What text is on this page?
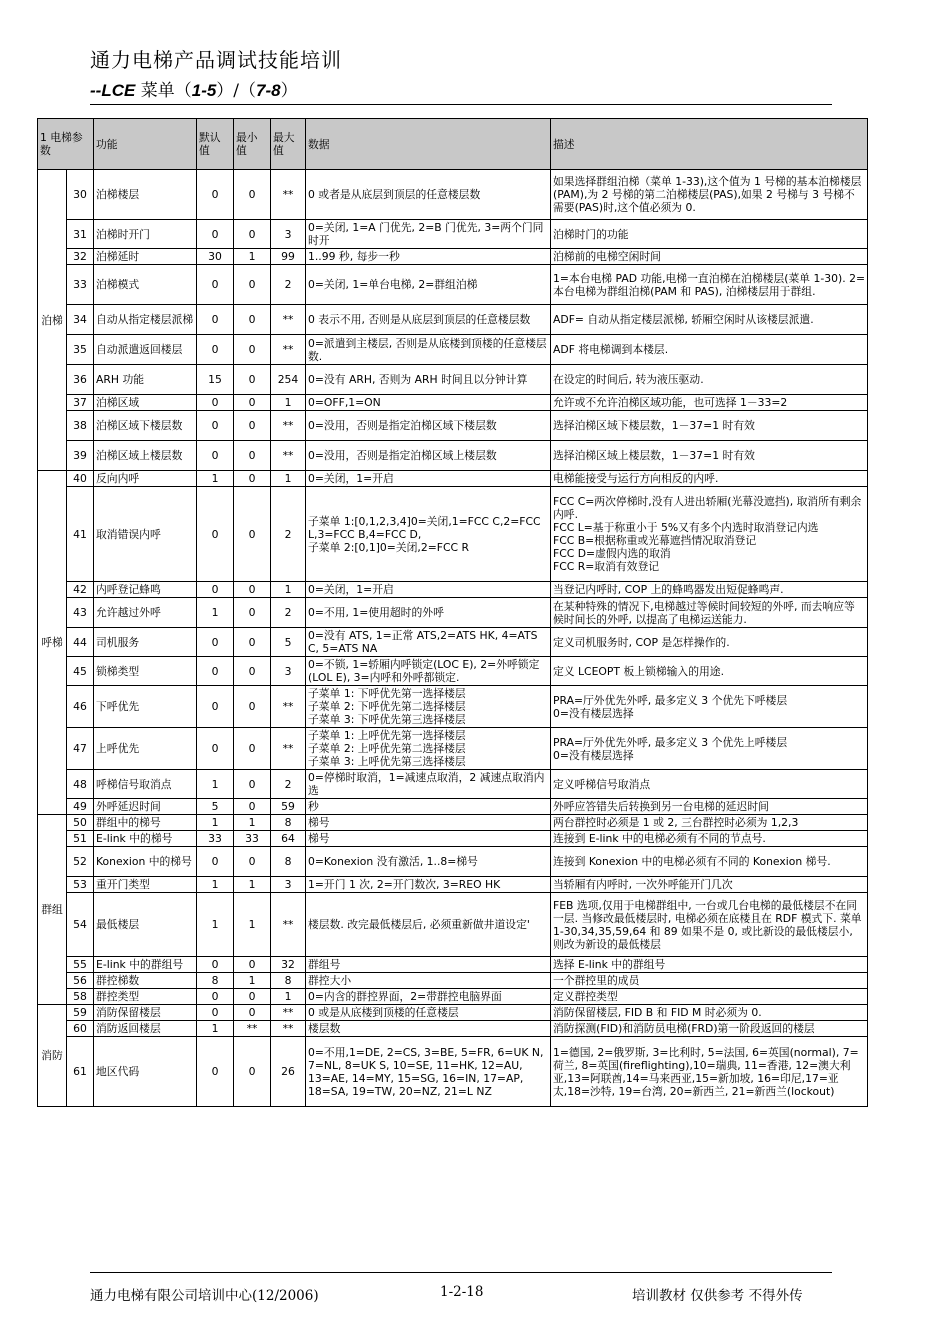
通力电梯产品调试技能培训
--LCE 菜单（1-5）/（7-8）
1 电梯参数		功能	默认值	最小值	最大值	数据	描述
泊梯	30	泊梯楼层	0	0	**	0 或者是从底层到顶层的任意楼层数	如果选择群组泊梯（菜单 1-33),这个值为 1 号梯的基本泊梯楼层(PAM),为 2 号梯的第二泊梯楼层(PAS),如果 2 号梯与 3 号梯不需要(PAS)时,这个值必须为 0.
	31	泊梯时开门	0	0	3	0=关闭, 1=A 门优先, 2=B 门优先, 3=两个门同时开	泊梯时门的功能
	32	泊梯延时	30	1	99	1..99 秒, 每步一秒	泊梯前的电梯空闲时间
	33	泊梯模式	0	0	2	0=关闭, 1=单台电梯, 2=群组泊梯	1=本台电梯 PAD 功能,电梯一直泊梯在泊梯楼层(菜单 1-30). 2=本台电梯为群组泊梯(PAM 和 PAS), 泊梯楼层用于群组.
	34	自动从指定楼层派梯	0	0	**	0 表示不用, 否则是从底层到顶层的任意楼层数	ADF= 自动从指定楼层派梯, 轿厢空闲时从该楼层派遣.
	35	自动派遣返回楼层	0	0	**	0=派遣到主楼层, 否则是从底楼到顶楼的任意楼层数.	ADF 将电梯调到本楼层.
	36	ARH 功能	15	0	254	0=没有 ARH, 否则为 ARH 时间且以分钟计算	在设定的时间后, 转为液压驱动.
	37	泊梯区域	0	0	1	0=OFF,1=ON	允许或不允许泊梯区域功能，也可选择 1－33=2
	38	泊梯区域下楼层数	0	0	**	0=没用，否则是指定泊梯区域下楼层数	选择泊梯区域下楼层数，1－37=1 时有效
	39	泊梯区域上楼层数	0	0	**	0=没用，否则是指定泊梯区域上楼层数	选择泊梯区域上楼层数，1－37=1 时有效
呼梯	40	反向内呼	1	0	1	0=关闭，1=开启	电梯能接受与运行方向相反的内呼.
	41	取消错误内呼	0	0	2	子菜单 1:[0,1,2,3,4]0=关闭,1=FCC C,2=FCC L,3=FCC B,4=FCC D,
子菜单 2:[0,1]0=关闭,2=FCC R	FCC C=两次停梯时,没有人进出轿厢(光幕没遮挡), 取消所有剩余内呼.
FCC L=基于称重小于 5%又有多个内选时取消登记内选
FCC B=根据称重或光幕遮挡情况取消登记
FCC D=虚假内选的取消
FCC R=取消有效登记
	42	内呼登记蜂鸣	0	0	1	0=关闭，1=开启	当登记内呼时, COP 上的蜂鸣器发出短促蜂鸣声.
	43	允许越过外呼	1	0	2	0=不用, 1=使用超时的外呼	在某种特殊的情况下,电梯越过等候时间较短的外呼, 而去响应等候时间长的外呼, 以提高了电梯运送能力.
	44	司机服务	0	0	5	0=没有 ATS, 1=正常 ATS,2=ATS HK, 4=ATS C, 5=ATS NA	定义司机服务时, COP 是怎样操作的.
	45	锁梯类型	0	0	3	0=不锁, 1=轿厢内呼锁定(LOC E), 2=外呼锁定(LOL E), 3=内呼和外呼都锁定.	定义 LCEOPT 板上锁梯输入的用途.
	46	下呼优先	0	0	**	子菜单 1: 下呼优先第一选择楼层
子菜单 2: 下呼优先第二选择楼层
子菜单 3: 下呼优先第三选择楼层	PRA=厅外优先外呼, 最多定义 3 个优先下呼楼层
0=没有楼层选择
	47	上呼优先	0	0	**	子菜单 1: 上呼优先第一选择楼层
子菜单 2: 上呼优先第二选择楼层
子菜单 3: 上呼优先第三选择楼层	PRA=厅外优先外呼, 最多定义 3 个优先上呼楼层
0=没有楼层选择
	48	呼梯信号取消点	1	0	2	0=停梯时取消，1=减速点取消，2 减速点取消内选	定义呼梯信号取消点
	49	外呼延迟时间	5	0	59	秒	外呼应答错失后转换到另一台电梯的延迟时间
群组	50	群组中的梯号	1	1	8	梯号	两台群控时必须是 1 或 2, 三台群控时必须为 1,2,3
	51	E-link 中的梯号	33	33	64	梯号	连接到 E-link 中的电梯必须有不同的节点号.
	52	Konexion 中的梯号	0	0	8	0=Konexion 没有激活, 1..8=梯号	连接到 Konexion 中的电梯必须有不同的 Konexion 梯号.
	53	重开门类型	1	1	3	1=开门 1 次, 2=开门数次, 3=REO HK	当轿厢有内呼时, 一次外呼能开门几次
	54	最低楼层	1	1	**	楼层数. 改完最低楼层后, 必须重新做井道设定'	FEB 选项,仅用于电梯群组中, 一台或几台电梯的最低楼层不在同一层. 当修改最低楼层时, 电梯必须在底楼且在 RDF 模式下. 菜单 1-30,34,35,59,64 和 89 如果不是 0, 或比新设的最低楼层小, 则改为新设的最低楼层
	55	E-link 中的群组号	0	0	32	群组号	选择 E-link 中的群组号
	56	群控梯数	8	1	8	群控大小	一个群控里的成员
	58	群控类型	0	0	1	0=内含的群控界面，2=带群控电脑界面	定义群控类型
消防	59	消防保留楼层	0	0	**	0 或是从底楼到顶楼的任意楼层	消防保留楼层, FID B 和 FID M 时必须为 0.
	60	消防返回楼层	1	**	**	楼层数	消防探测(FID)和消防员电梯(FRD)第一阶段返回的楼层
	61	地区代码	0	0	26	0=不用,1=DE, 2=CS, 3=BE, 5=FR, 6=UK N, 7=NL, 8=UK S, 10=SE, 11=HK, 12=AU, 13=AE, 14=MY, 15=SG, 16=IN, 17=AP, 18=SA, 19=TW, 20=NZ, 21=L NZ	1=德国, 2=俄罗斯, 3=比利时, 5=法国, 6=英国(normal), 7=荷兰, 8=英国(fireflighting),10=瑞典, 11=香港, 12=澳大利亚,13=阿联酋,14=马来西亚,15=新加坡, 16=印尼,17=亚太,18=沙特, 19=台湾, 20=新西兰, 21=新西兰(lockout)
通力电梯有限公司培训中心(12/2006)	1-2-18	培训教材 仅供参考 不得外传
